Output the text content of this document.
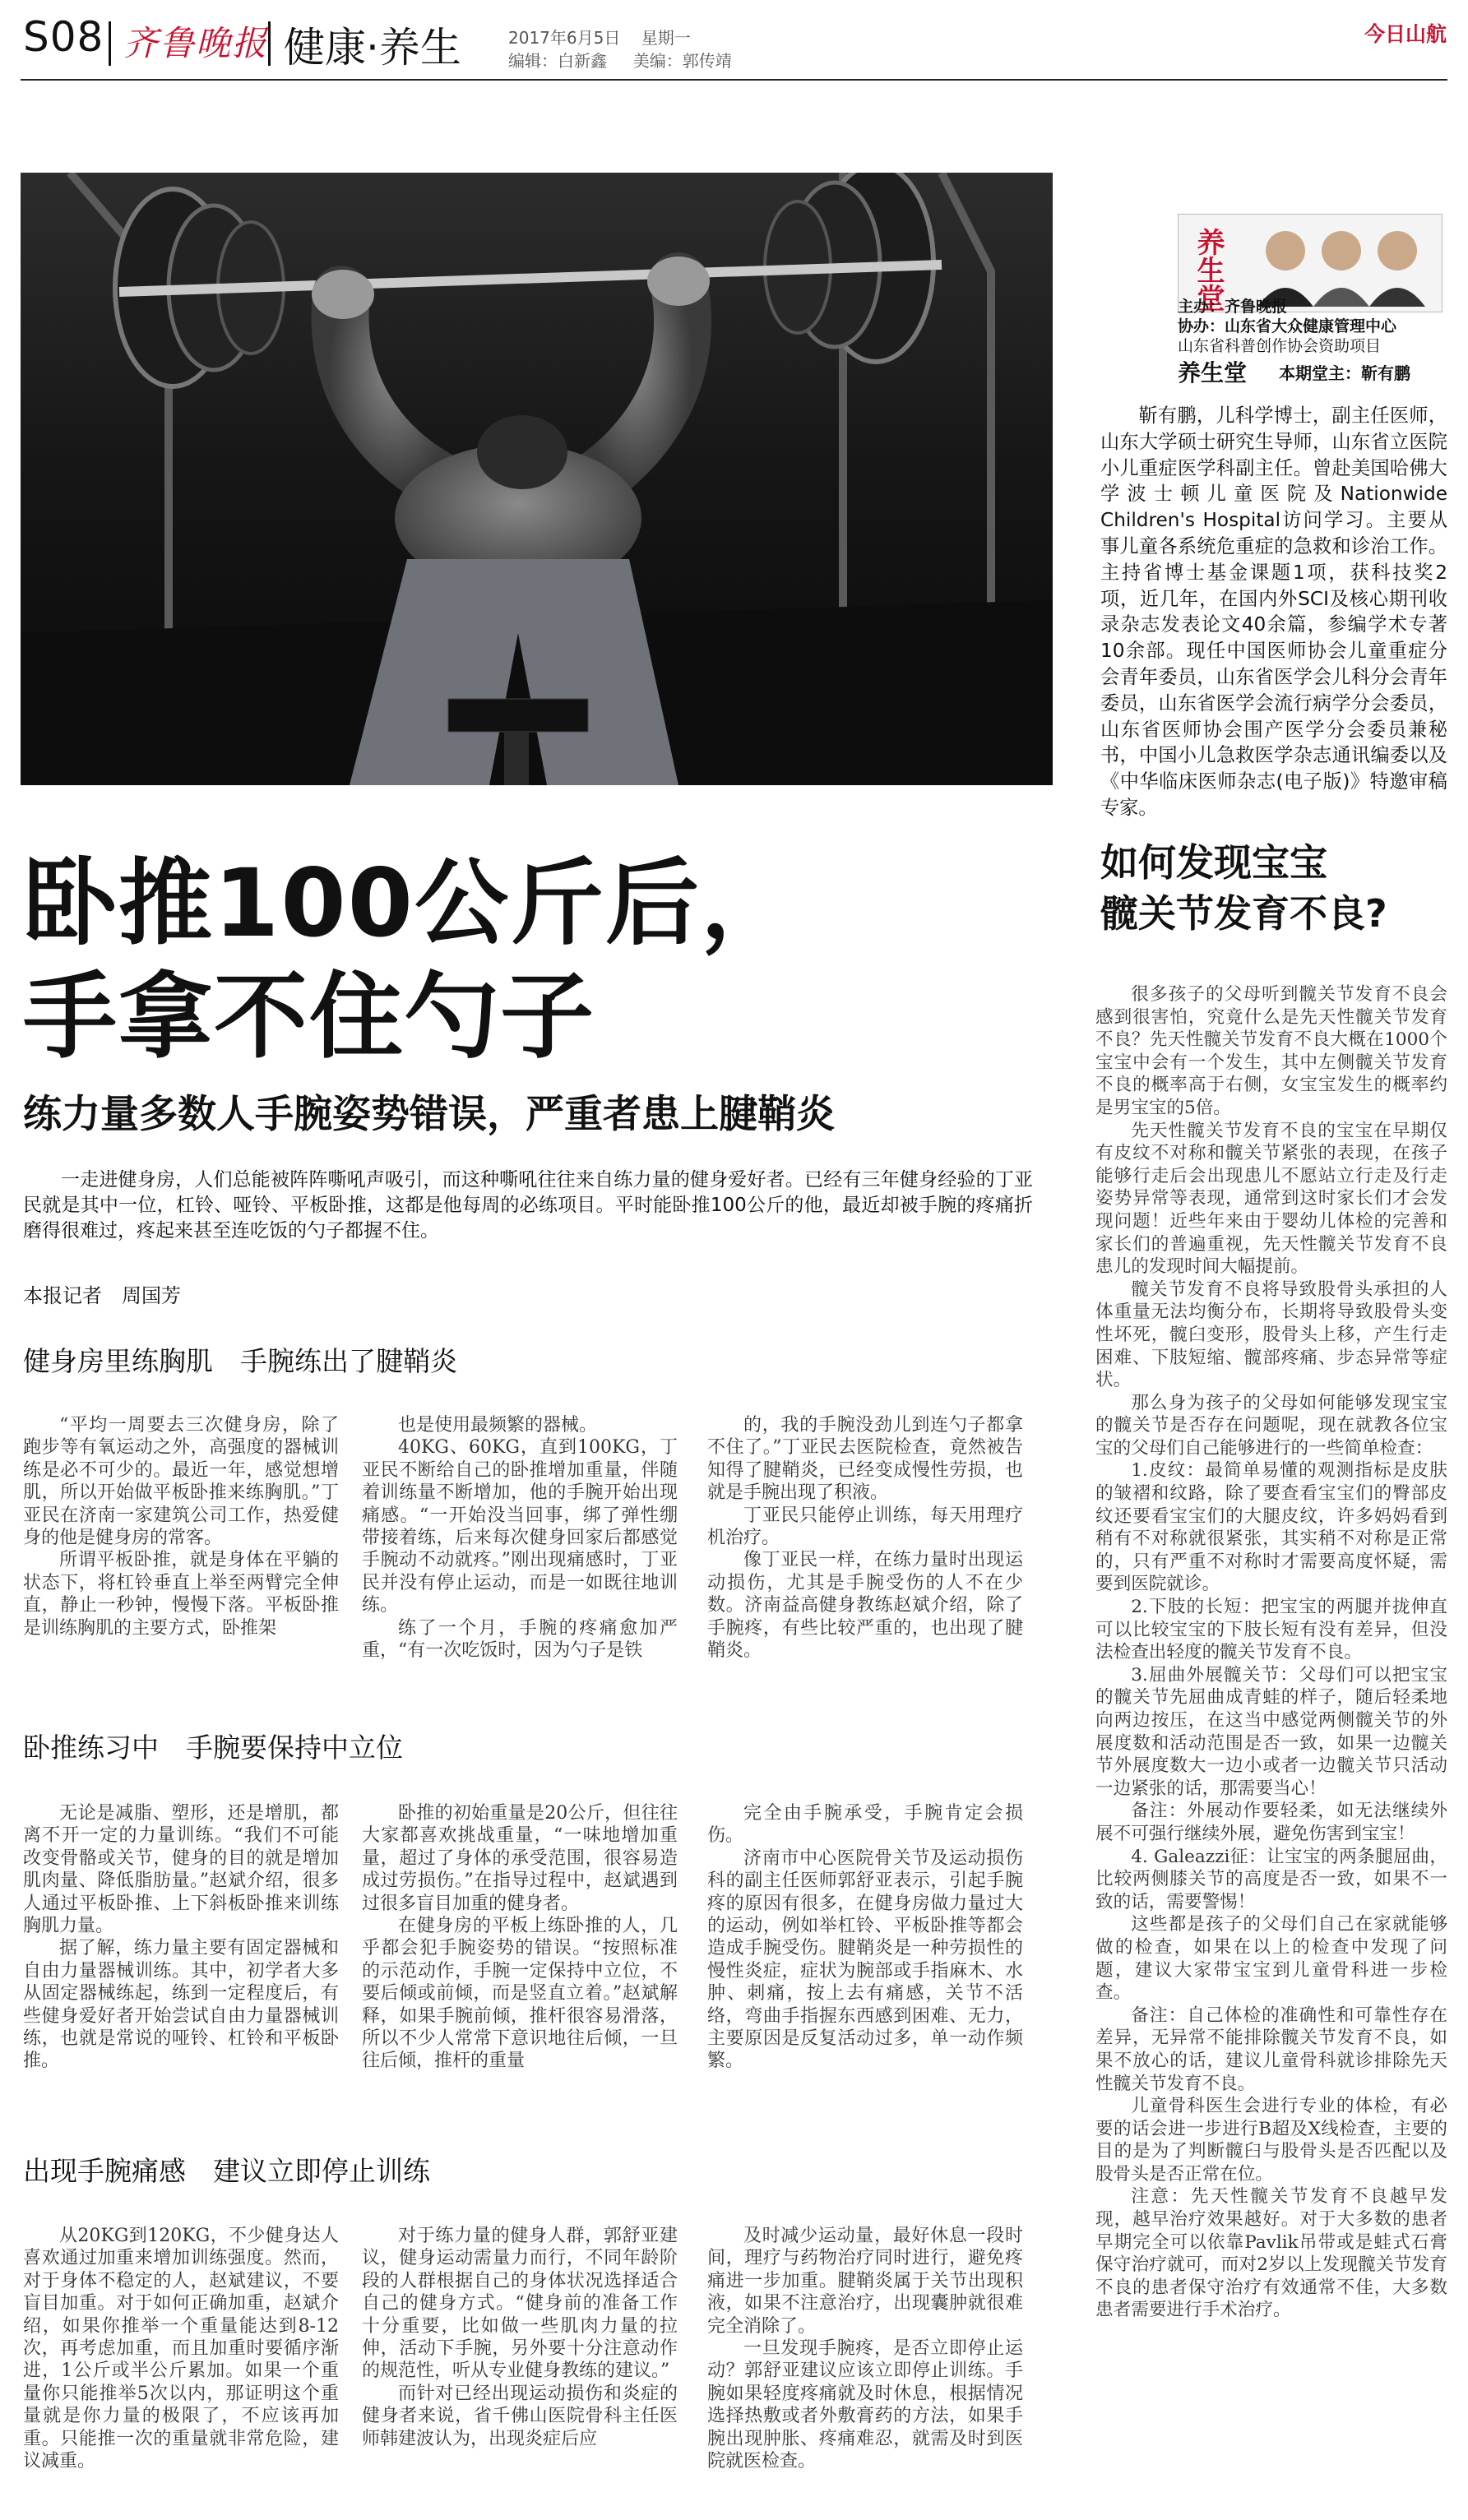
S08 齐鲁晚报 健康·养生	2017年6月5日 星期一
编辑：白新鑫 美编：郭传靖
今日山航
养生堂
主办：齐鲁晚报
协办：山东省大众健康管理中心
山东省科普创作协会资助项目
养生堂 本期堂主：靳有鹏
靳有鹏，儿科学博士，副主任医师，山东大学硕士研究生导师，山东省立医院小儿重症医学科副主任。曾赴美国哈佛大学波士顿儿童医院及Nationwide Children's Hospital访问学习。主要从事儿童各系统危重症的急救和诊治工作。主持省博士基金课题1项，获科技奖2项，近几年，在国内外SCI及核心期刊收录杂志发表论文40余篇，参编学术专著10余部。现任中国医师协会儿童重症分会青年委员，山东省医学会儿科分会青年委员，山东省医学会流行病学分会委员，山东省医师协会围产医学分会委员兼秘书，中国小儿急救医学杂志通讯编委以及《中华临床医师杂志(电子版)》特邀审稿专家。
卧推100公斤后，
手拿不住勺子
练力量多数人手腕姿势错误，严重者患上腱鞘炎
一走进健身房，人们总能被阵阵嘶吼声吸引，而这种嘶吼往往来自练力量的健身爱好者。已经有三年健身经验的丁亚民就是其中一位，杠铃、哑铃、平板卧推，这都是他每周的必练项目。平时能卧推100公斤的他，最近却被手腕的疼痛折磨得很难过，疼起来甚至连吃饭的勺子都握不住。
本报记者　周国芳
健身房里练胸肌　手腕练出了腱鞘炎

“平均一周要去三次健身房，除了跑步等有氧运动之外，高强度的器械训练是必不可少的。最近一年，感觉想增肌，所以开始做平板卧推来练胸肌。”丁亚民在济南一家建筑公司工作，热爱健身的他是健身房的常客。

所谓平板卧推，就是身体在平躺的状态下，将杠铃垂直上举至两臂完全伸直，静止一秒钟，慢慢下落。平板卧推是训练胸肌的主要方式，卧推架

也是使用最频繁的器械。

40KG、60KG，直到100KG，丁亚民不断给自己的卧推增加重量，伴随着训练量不断增加，他的手腕开始出现痛感。“一开始没当回事，绑了弹性绷带接着练，后来每次健身回家后都感觉手腕动不动就疼。”刚出现痛感时，丁亚民并没有停止运动，而是一如既往地训练。

练了一个月，手腕的疼痛愈加严重，“有一次吃饭时，因为勺子是铁

的，我的手腕没劲儿到连勺子都拿不住了。”丁亚民去医院检查，竟然被告知得了腱鞘炎，已经变成慢性劳损，也就是手腕出现了积液。

丁亚民只能停止训练，每天用理疗机治疗。

像丁亚民一样，在练力量时出现运动损伤，尤其是手腕受伤的人不在少数。济南益高健身教练赵斌介绍，除了手腕疼，有些比较严重的，也出现了腱鞘炎。

卧推练习中　手腕要保持中立位

无论是减脂、塑形，还是增肌，都离不开一定的力量训练。“我们不可能改变骨骼或关节，健身的目的就是增加肌肉量、降低脂肪量。”赵斌介绍，很多人通过平板卧推、上下斜板卧推来训练胸肌力量。

据了解，练力量主要有固定器械和自由力量器械训练。其中，初学者大多从固定器械练起，练到一定程度后，有些健身爱好者开始尝试自由力量器械训练，也就是常说的哑铃、杠铃和平板卧推。

卧推的初始重量是20公斤，但往往大家都喜欢挑战重量，“一味地增加重量，超过了身体的承受范围，很容易造成过劳损伤。”在指导过程中，赵斌遇到过很多盲目加重的健身者。

在健身房的平板上练卧推的人，几乎都会犯手腕姿势的错误。“按照标准的示范动作，手腕一定保持中立位，不要后倾或前倾，而是竖直立着。”赵斌解释，如果手腕前倾，推杆很容易滑落，所以不少人常常下意识地往后倾，一旦往后倾，推杆的重量

完全由手腕承受，手腕肯定会损伤。

济南市中心医院骨关节及运动损伤科的副主任医师郭舒亚表示，引起手腕疼的原因有很多，在健身房做力量过大的运动，例如举杠铃、平板卧推等都会造成手腕受伤。腱鞘炎是一种劳损性的慢性炎症，症状为腕部或手指麻木、水肿、刺痛，按上去有痛感，关节不活络，弯曲手指握东西感到困难、无力，主要原因是反复活动过多，单一动作频繁。

出现手腕痛感　建议立即停止训练

从20KG到120KG，不少健身达人喜欢通过加重来增加训练强度。然而，对于身体不稳定的人，赵斌建议，不要盲目加重。对于如何正确加重，赵斌介绍，如果你推举一个重量能达到8-12次，再考虑加重，而且加重时要循序渐进，1公斤或半公斤累加。如果一个重量你只能推举5次以内，那证明这个重量就是你力量的极限了，不应该再加重。只能推一次的重量就非常危险，建议减重。

对于练力量的健身人群，郭舒亚建议，健身运动需量力而行，不同年龄阶段的人群根据自己的身体状况选择适合自己的健身方式。“健身前的准备工作十分重要，比如做一些肌肉力量的拉伸，活动下手腕，另外要十分注意动作的规范性，听从专业健身教练的建议。”

而针对已经出现运动损伤和炎症的健身者来说，省千佛山医院骨科主任医师韩建波认为，出现炎症后应

及时减少运动量，最好休息一段时间，理疗与药物治疗同时进行，避免疼痛进一步加重。腱鞘炎属于关节出现积液，如果不注意治疗，出现囊肿就很难完全消除了。

一旦发现手腕疼，是否立即停止运动？郭舒亚建议应该立即停止训练。手腕如果轻度疼痛就及时休息，根据情况选择热敷或者外敷膏药的方法，如果手腕出现肿胀、疼痛难忍，就需及时到医院就医检查。

如何发现宝宝
髋关节发育不良?

很多孩子的父母听到髋关节发育不良会感到很害怕，究竟什么是先天性髋关节发育不良？先天性髋关节发育不良大概在1000个宝宝中会有一个发生，其中左侧髋关节发育不良的概率高于右侧，女宝宝发生的概率约是男宝宝的5倍。

先天性髋关节发育不良的宝宝在早期仅有皮纹不对称和髋关节紧张的表现，在孩子能够行走后会出现患儿不愿站立行走及行走姿势异常等表现，通常到这时家长们才会发现问题！近些年来由于婴幼儿体检的完善和家长们的普遍重视，先天性髋关节发育不良患儿的发现时间大幅提前。

髋关节发育不良将导致股骨头承担的人体重量无法均衡分布，长期将导致股骨头变性坏死，髋臼变形，股骨头上移，产生行走困难、下肢短缩、髋部疼痛、步态异常等症状。

那么身为孩子的父母如何能够发现宝宝的髋关节是否存在问题呢，现在就教各位宝宝的父母们自己能够进行的一些简单检查：

1.皮纹：最简单易懂的观测指标是皮肤的皱褶和纹路，除了要查看宝宝们的臀部皮纹还要看宝宝们的大腿皮纹，许多妈妈看到稍有不对称就很紧张，其实稍不对称是正常的，只有严重不对称时才需要高度怀疑，需要到医院就诊。

2.下肢的长短：把宝宝的两腿并拢伸直可以比较宝宝的下肢长短有没有差异，但没法检查出轻度的髋关节发育不良。

3.屈曲外展髋关节：父母们可以把宝宝的髋关节先屈曲成青蛙的样子，随后轻柔地向两边按压，在这当中感觉两侧髋关节的外展度数和活动范围是否一致，如果一边髋关节外展度数大一边小或者一边髋关节只活动一边紧张的话，那需要当心！

备注：外展动作要轻柔，如无法继续外展不可强行继续外展，避免伤害到宝宝！

4. Galeazzi征：让宝宝的两条腿屈曲，比较两侧膝关节的高度是否一致，如果不一致的话，需要警惕！

这些都是孩子的父母们自己在家就能够做的检查，如果在以上的检查中发现了问题，建议大家带宝宝到儿童骨科进一步检查。

备注：自己体检的准确性和可靠性存在差异，无异常不能排除髋关节发育不良，如果不放心的话，建议儿童骨科就诊排除先天性髋关节发育不良。

儿童骨科医生会进行专业的体检，有必要的话会进一步进行B超及X线检查，主要的目的是为了判断髋臼与股骨头是否匹配以及股骨头是否正常在位。

注意：先天性髋关节发育不良越早发现，越早治疗效果越好。对于大多数的患者早期完全可以依靠Pavlik吊带或是蛙式石膏保守治疗就可，而对2岁以上发现髋关节发育不良的患者保守治疗有效通常不佳，大多数患者需要进行手术治疗。
